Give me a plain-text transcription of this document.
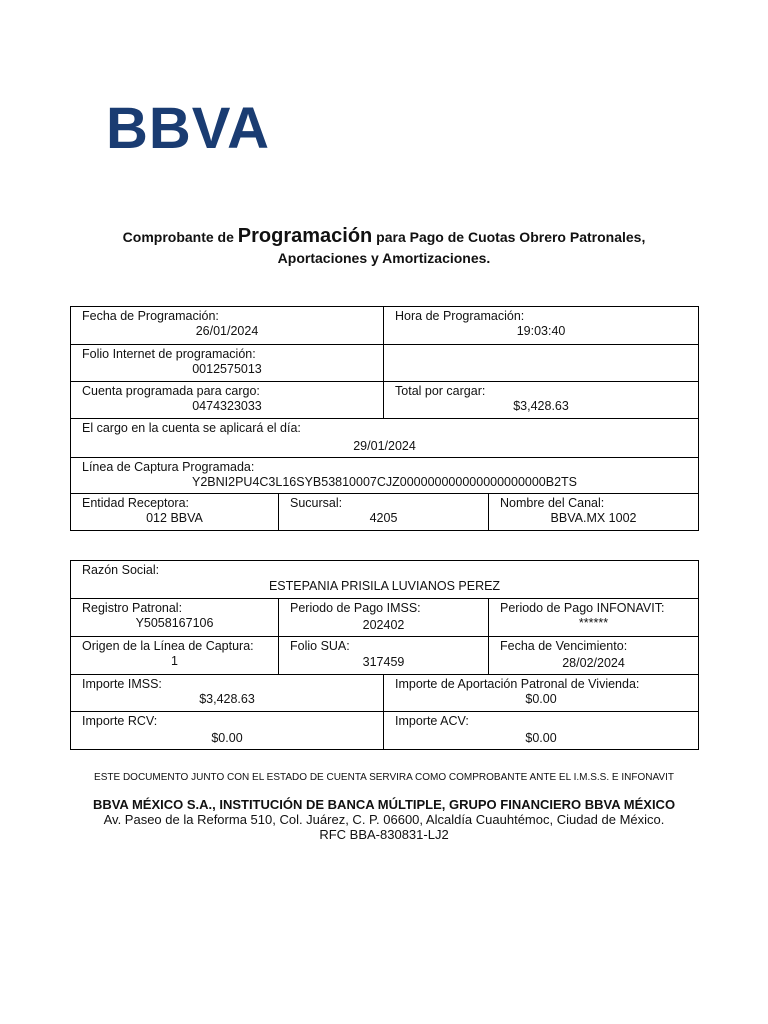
BBVA
Comprobante de Programación para Pago de Cuotas Obrero Patronales,
Aportaciones y Amortizaciones.
Fecha de Programación:
26/01/2024		Hora de Programación:
19:03:40	

Folio Internet de programación:
0012575013			

Cuenta programada para cargo:
0474323033		Total por cargar:
$3,428.63	

El cargo en la cuenta se aplicará el día:
29/01/2024			

Línea de Captura Programada:
Y2BNI2PU4C3L16SYB53810007CJZ000000000000000000000B2TS			

Entidad Receptora:
012 BBVA	Sucursal:
4205		Nombre del Canal:
BBVA.MX 1002
Razón Social:
ESTEPANIA PRISILA LUVIANOS PEREZ			

Registro Patronal:
Y5058167106	Periodo de Pago IMSS:
202402		Periodo de Pago INFONAVIT:
******

Origen de la Línea de Captura:
1	Folio SUA:
317459		Fecha de Vencimiento:
28/02/2024

Importe IMSS:
$3,428.63		Importe de Aportación Patronal de Vivienda:
$0.00	

Importe RCV:
$0.00		Importe ACV:
$0.00	
ESTE DOCUMENTO JUNTO CON EL ESTADO DE CUENTA SERVIRA COMO COMPROBANTE ANTE EL I.M.S.S. E INFONAVIT
BBVA MÉXICO S.A., INSTITUCIÓN DE BANCA MÚLTIPLE, GRUPO FINANCIERO BBVA MÉXICO
Av. Paseo de la Reforma 510, Col. Juárez, C. P. 06600, Alcaldía Cuauhtémoc, Ciudad de México.
RFC BBA-830831-LJ2
